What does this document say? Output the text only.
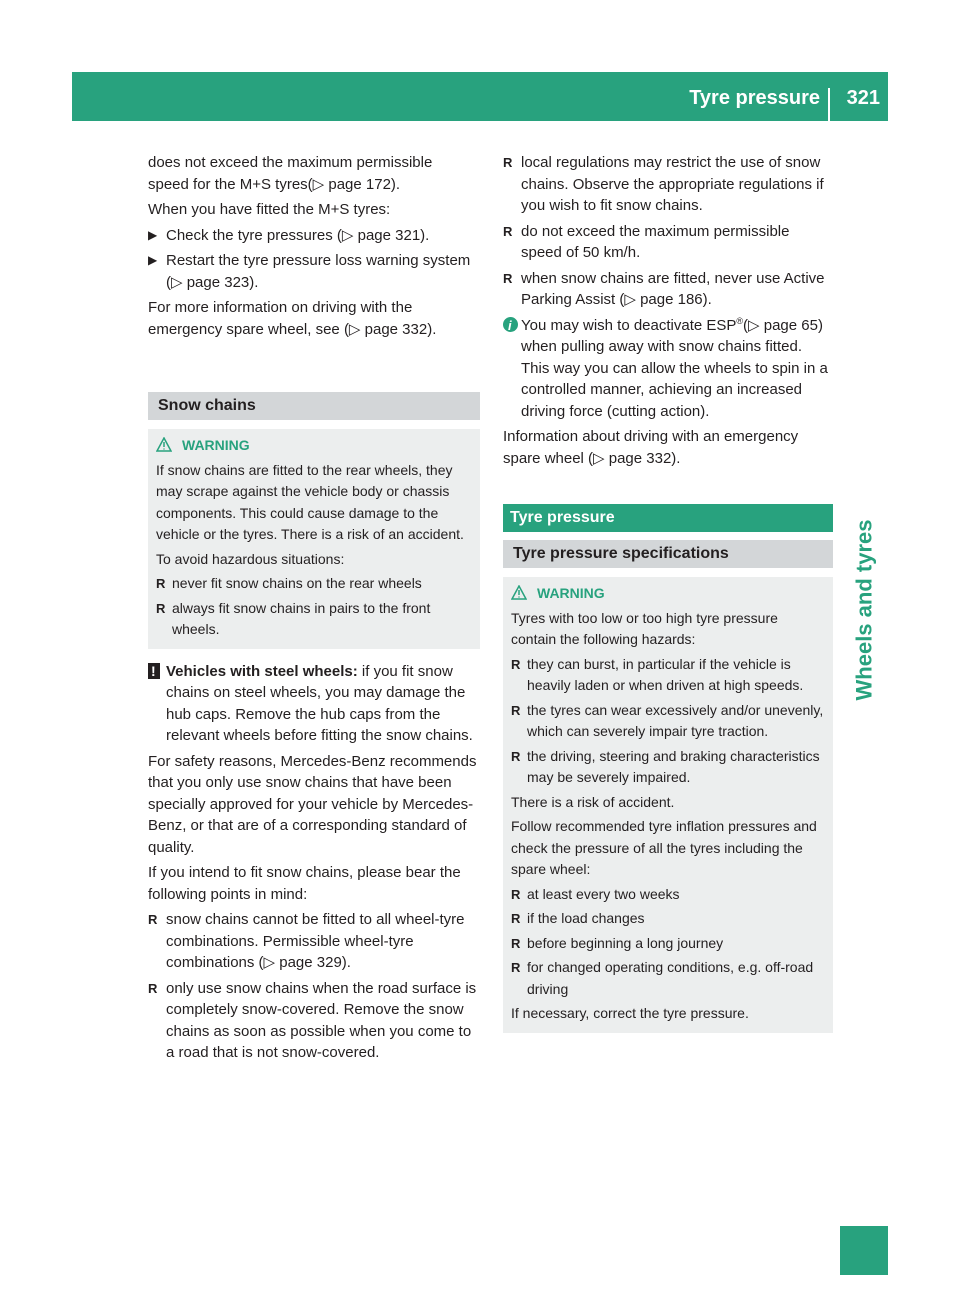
Tyre pressure 321
Wheels and tyres

does not exceed the maximum permissible

speed for the M+S tyres(▷ page 172).

When you have fitted the M+S tyres:

▶ Check the tyre pressures (▷ page 321).
▶ Restart the tyre pressure loss warning system (▷ page 323).

For more information on driving with the emergency spare wheel, see (▷ page 332).

Snow chains

WARNING

If snow chains are fitted to the rear wheels, they may scrape against the vehicle body or chassis components. This could cause damage to the vehicle or the tyres. There is a risk of an accident.

To avoid hazardous situations:

R never fit snow chains on the rear wheels
R always fit snow chains in pairs to the front wheels.
!
Vehicles with steel wheels: if you fit snow chains on steel wheels, you may damage the hub caps. Remove the hub caps from the relevant wheels before fitting the snow chains.

For safety reasons, Mercedes-Benz recommends that you only use snow chains that have been specially approved for your vehicle by Mercedes-Benz, or that are of a corresponding standard of quality.

If you intend to fit snow chains, please bear the following points in mind:

R snow chains cannot be fitted to all wheel-tyre combinations. Permissible wheel-tyre combinations (▷ page 329).
R only use snow chains when the road surface is completely snow-covered. Remove the snow chains as soon as possible when you come to a road that is not snow-covered.
R local regulations may restrict the use of snow chains. Observe the appropriate regulations if you wish to fit snow chains.
R do not exceed the maximum permissible speed of 50 km/h.
R when snow chains are fitted, never use Active Parking Assist (▷ page 186).
i
You may wish to deactivate ESP®(▷ page 65) when pulling away with snow chains fitted. This way you can allow the wheels to spin in a controlled manner, achieving an increased driving force (cutting action).

Information about driving with an emergency spare wheel (▷ page 332).

Tyre pressure
Tyre pressure specifications

WARNING

Tyres with too low or too high tyre pressure contain the following hazards:

R they can burst, in particular if the vehicle is heavily laden or when driven at high speeds.
R the tyres can wear excessively and/or unevenly, which can severely impair tyre traction.
R the driving, steering and braking characteristics may be severely impaired.

There is a risk of accident.

Follow recommended tyre inflation pressures and check the pressure of all the tyres including the spare wheel:

R at least every two weeks
R if the load changes
R before beginning a long journey
R for changed operating conditions, e.g. off-road driving

If necessary, correct the tyre pressure.
